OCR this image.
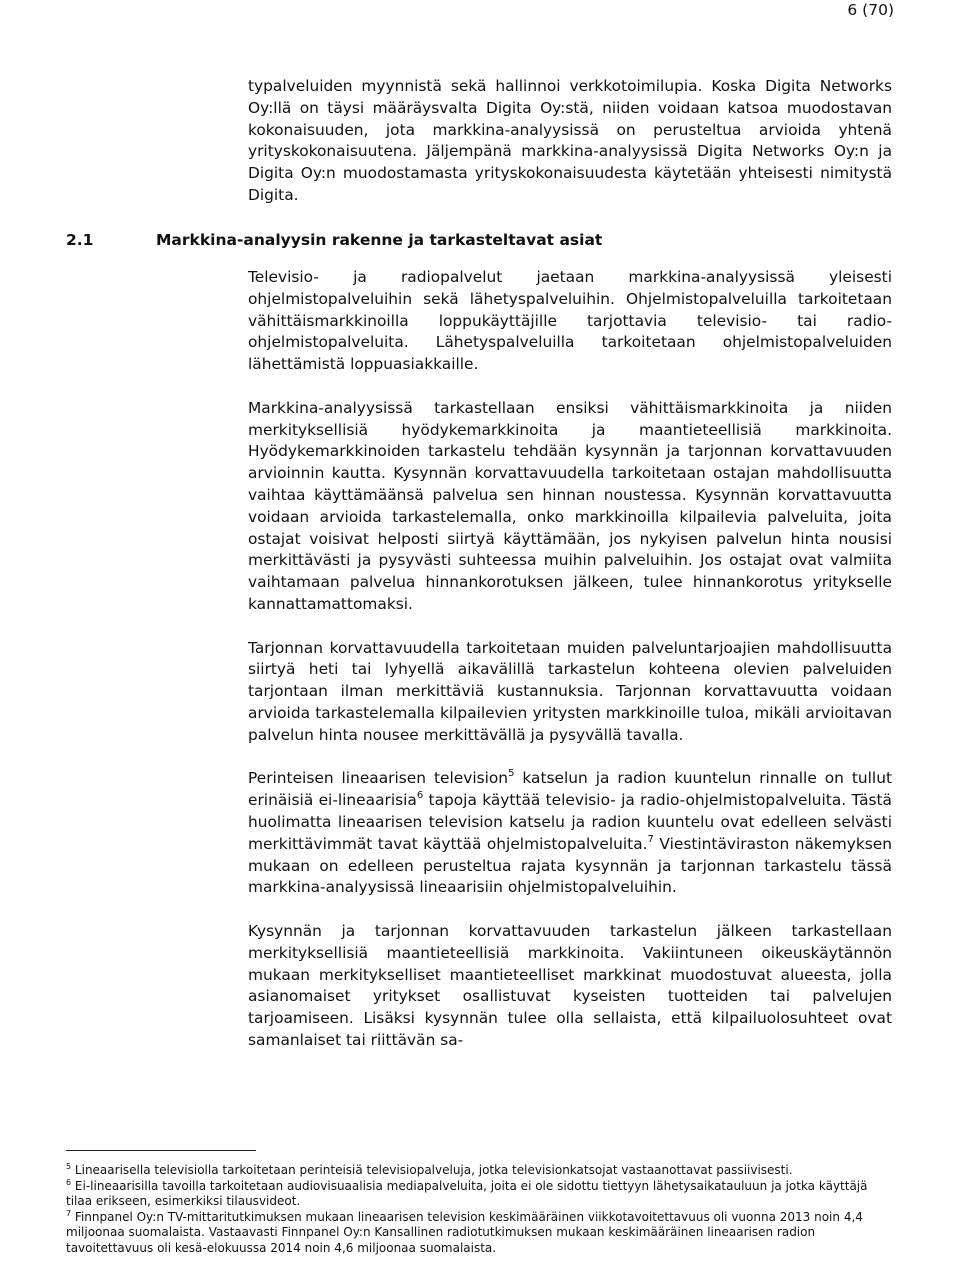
6 (70)

typalveluiden myynnistä sekä hallinnoi verkkotoimilupia. Koska Digita Networks Oy:llä on täysi määräysvalta Digita Oy:stä, niiden voidaan katsoa muodostavan kokonaisuuden, jota markkina-analyysissä on perusteltua arvioida yhtenä yrityskokonaisuutena. Jäljempänä markkina-analyysissä Digita Networks Oy:n ja Digita Oy:n muodostamasta yrityskokonaisuudesta käytetään yhteisesti nimitystä Digita.

2.1	Markkina-analyysin rakenne ja tarkasteltavat asiat

Televisio- ja radiopalvelut jaetaan markkina-analyysissä yleisesti ohjelmistopalveluihin sekä lähetyspalveluihin. Ohjelmistopalveluilla tarkoitetaan vähittäismarkkinoilla loppukäyttäjille tarjottavia televisio- tai radio-ohjelmistopalveluita. Lähetyspalveluilla tarkoitetaan ohjelmistopalveluiden lähettämistä loppuasiakkaille.

Markkina-analyysissä tarkastellaan ensiksi vähittäismarkkinoita ja niiden merkityksellisiä hyödykemarkkinoita ja maantieteellisiä markkinoita. Hyödykemarkkinoiden tarkastelu tehdään kysynnän ja tarjonnan korvattavuuden arvioinnin kautta. Kysynnän korvattavuudella tarkoitetaan ostajan mahdollisuutta vaihtaa käyttämäänsä palvelua sen hinnan noustessa. Kysynnän korvattavuutta voidaan arvioida tarkastelemalla, onko markkinoilla kilpailevia palveluita, joita ostajat voisivat helposti siirtyä käyttämään, jos nykyisen palvelun hinta nousisi merkittävästi ja pysyvästi suhteessa muihin palveluihin. Jos ostajat ovat valmiita vaihtamaan palvelua hinnankorotuksen jälkeen, tulee hinnankorotus yritykselle kannattamattomaksi.

Tarjonnan korvattavuudella tarkoitetaan muiden palveluntarjoajien mahdollisuutta siirtyä heti tai lyhyellä aikavälillä tarkastelun kohteena olevien palveluiden tarjontaan ilman merkittäviä kustannuksia. Tarjonnan korvattavuutta voidaan arvioida tarkastelemalla kilpailevien yritysten markkinoille tuloa, mikäli arvioitavan palvelun hinta nousee merkittävällä ja pysyvällä tavalla.

Perinteisen lineaarisen television$^5$ katselun ja radion kuuntelun rinnalle on tullut erinäisiä ei-lineaarisia$^6$ tapoja käyttää televisio- ja radio-ohjelmistopalveluita. Tästä huolimatta lineaarisen television katselu ja radion kuuntelu ovat edelleen selvästi merkittävimmät tavat käyttää ohjelmistopalveluita.$^7$ Viestintäviraston näkemyksen mukaan on edelleen perusteltua rajata kysynnän ja tarjonnan tarkastelu tässä markkina-analyysissä lineaarisiin ohjelmistopalveluihin.

Kysynnän ja tarjonnan korvattavuuden tarkastelun jälkeen tarkastellaan merkityksellisiä maantieteellisiä markkinoita. Vakiintuneen oikeuskäytännön mukaan merkitykselliset maantieteelliset markkinat muodostuvat alueesta, jolla asianomaiset yritykset osallistuvat kyseisten tuotteiden tai palvelujen tarjoamiseen. Lisäksi kysynnän tulee olla sellaista, että kilpailuolosuhteet ovat samanlaiset tai riittävän sa-

$^5$ Lineaarisella televisiolla tarkoitetaan perinteisiä televisiopalveluja, jotka televisionkatsojat vastaanottavat passiivisesti.

$^6$ Ei-lineaarisilla tavoilla tarkoitetaan audiovisuaalisia mediapalveluita, joita ei ole sidottu tiettyyn lähetysaikatauluun ja jotka käyttäjä tilaa erikseen, esimerkiksi tilausvideot.

$^7$ Finnpanel Oy:n TV-mittaritutkimuksen mukaan lineaarisen television keskimääräinen viikkotavoitettavuus oli vuonna 2013 noin 4,4 miljoonaa suomalaista. Vastaavasti Finnpanel Oy:n Kansallinen radiotutkimuksen mukaan keskimääräinen lineaarisen radion tavoitettavuus oli kesä-elokuussa 2014 noin 4,6 miljoonaa suomalaista.
